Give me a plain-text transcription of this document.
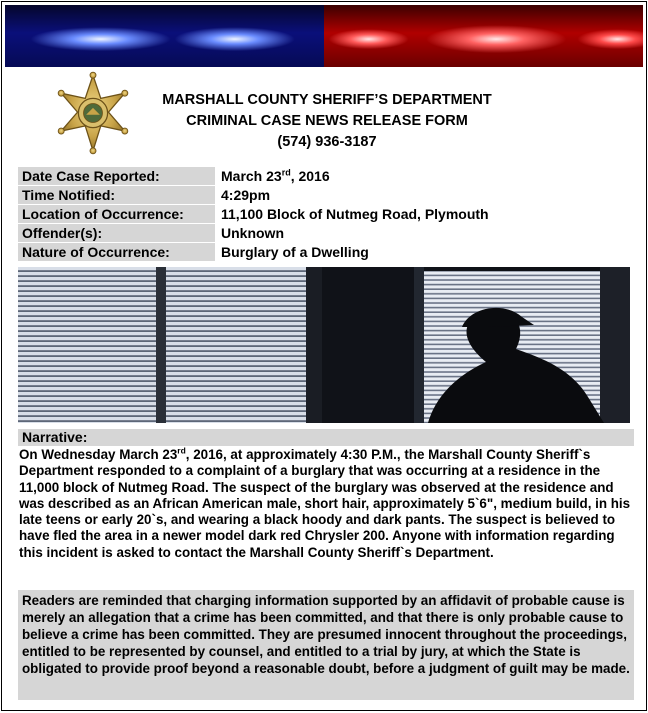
MARSHALL COUNTY SHERIFF’S DEPARTMENT
CRIMINAL CASE NEWS RELEASE FORM
(574) 936-3187
Date Case Reported:	March 23rd, 2016
Time Notified:	4:29pm
Location of Occurrence:	11,100 Block of Nutmeg Road, Plymouth
Offender(s):	Unknown
Nature of Occurrence:	Burglary of a Dwelling
Narrative:
On Wednesday March 23rd, 2016, at approximately 4:30 P.M., the Marshall County Sheriff`s Department responded to a complaint of a burglary that was occurring at a residence in the 11,000 block of Nutmeg Road. The suspect of the burglary was observed at the residence and was described as an African American male, short hair, approximately 5`6", medium build, in his late teens or early 20`s, and wearing a black hoody and dark pants. The suspect is believed to have fled the area in a newer model dark red Chrysler 200. Anyone with information regarding this incident is asked to contact the Marshall County Sheriff`s Department.
Readers are reminded that charging information supported by an affidavit of probable cause is merely an allegation that a crime has been committed, and that there is only probable cause to believe a crime has been committed. They are presumed innocent throughout the proceedings, entitled to be represented by counsel, and entitled to a trial by jury, at which the State is obligated to provide proof beyond a reasonable doubt, before a judgment of guilt may be made.
